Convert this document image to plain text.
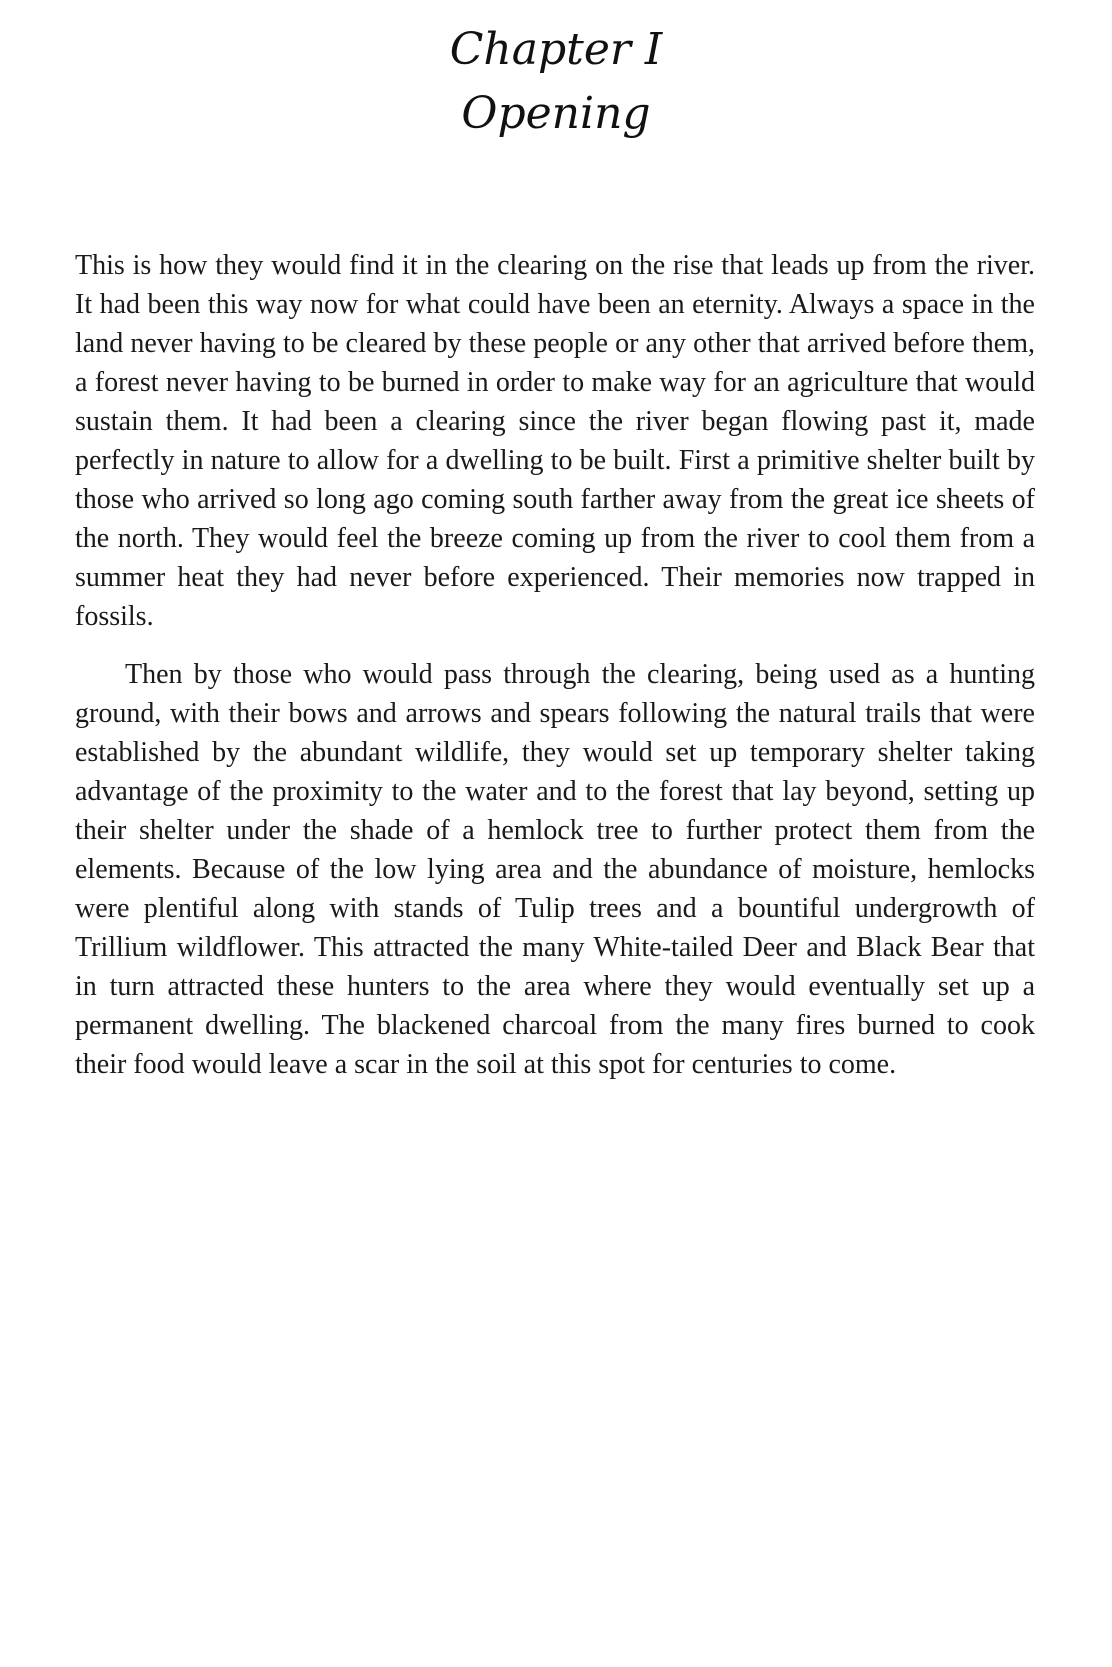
Chapter I
Opening

This is how they would find it in the clearing on the rise that leads up from the river. It had been this way now for what could have been an eternity. Always a space in the land never having to be cleared by these people or any other that arrived before them, a forest never having to be burned in order to make way for an agriculture that would sustain them. It had been a clearing since the river began flowing past it, made perfectly in nature to allow for a dwelling to be built. First a primitive shelter built by those who arrived so long ago coming south farther away from the great ice sheets of the north. They would feel the breeze coming up from the river to cool them from a summer heat they had never before experienced. Their memories now trapped in fossils.

Then by those who would pass through the clearing, being used as a hunting ground, with their bows and arrows and spears following the natural trails that were established by the abundant wildlife, they would set up temporary shelter taking advantage of the proximity to the water and to the forest that lay beyond, setting up their shelter under the shade of a hemlock tree to further protect them from the elements. Because of the low lying area and the abundance of moisture, hemlocks were plentiful along with stands of Tulip trees and a bountiful undergrowth of Trillium wildflower. This attracted the many White-tailed Deer and Black Bear that in turn attracted these hunters to the area where they would eventually set up a permanent dwelling. The blackened charcoal from the many fires burned to cook their food would leave a scar in the soil at this spot for centuries to come.
